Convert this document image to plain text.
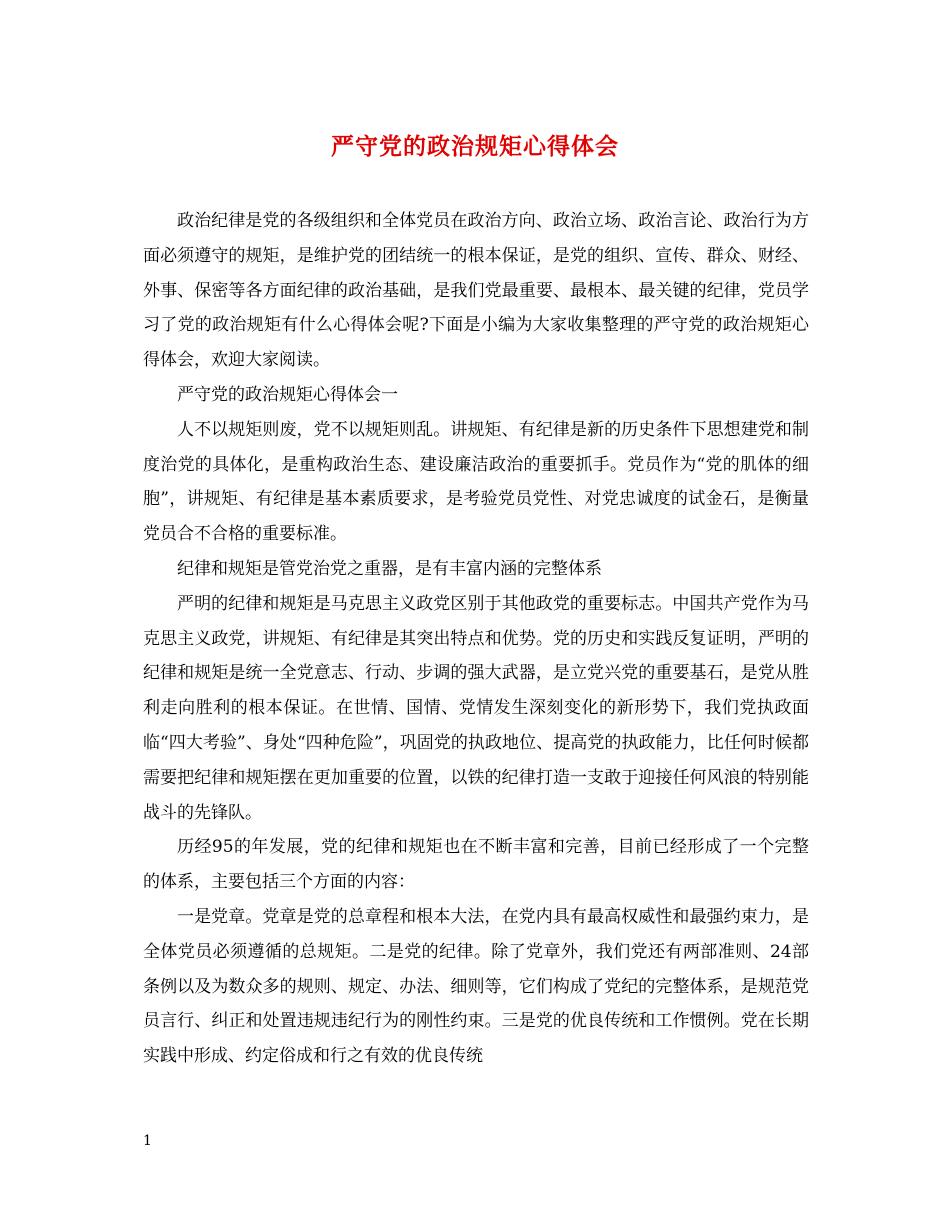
严守党的政治规矩心得体会

政治纪律是党的各级组织和全体党员在政治方向、政治立场、政治言论、政治行为方面必须遵守的规矩，是维护党的团结统一的根本保证，是党的组织、宣传、群众、财经、外事、保密等各方面纪律的政治基础，是我们党最重要、最根本、最关键的纪律，党员学习了党的政治规矩有什么心得体会呢?下面是小编为大家收集整理的严守党的政治规矩心得体会，欢迎大家阅读。

严守党的政治规矩心得体会一

人不以规矩则废，党不以规矩则乱。讲规矩、有纪律是新的历史条件下思想建党和制度治党的具体化，是重构政治生态、建设廉洁政治的重要抓手。党员作为“党的肌体的细胞”，讲规矩、有纪律是基本素质要求，是考验党员党性、对党忠诚度的试金石，是衡量党员合不合格的重要标准。

纪律和规矩是管党治党之重器，是有丰富内涵的完整体系

严明的纪律和规矩是马克思主义政党区别于其他政党的重要标志。中国共产党作为马克思主义政党，讲规矩、有纪律是其突出特点和优势。党的历史和实践反复证明，严明的纪律和规矩是统一全党意志、行动、步调的强大武器，是立党兴党的重要基石，是党从胜利走向胜利的根本保证。在世情、国情、党情发生深刻变化的新形势下，我们党执政面临“四大考验”、身处“四种危险”，巩固党的执政地位、提高党的执政能力，比任何时候都需要把纪律和规矩摆在更加重要的位置，以铁的纪律打造一支敢于迎接任何风浪的特别能战斗的先锋队。

历经95的年发展，党的纪律和规矩也在不断丰富和完善，目前已经形成了一个完整的体系，主要包括三个方面的内容：

一是党章。党章是党的总章程和根本大法，在党内具有最高权威性和最强约束力，是全体党员必须遵循的总规矩。二是党的纪律。除了党章外，我们党还有两部准则、24部条例以及为数众多的规则、规定、办法、细则等，它们构成了党纪的完整体系，是规范党员言行、纠正和处置违规违纪行为的刚性约束。三是党的优良传统和工作惯例。党在长期实践中形成、约定俗成和行之有效的优良传统

1
